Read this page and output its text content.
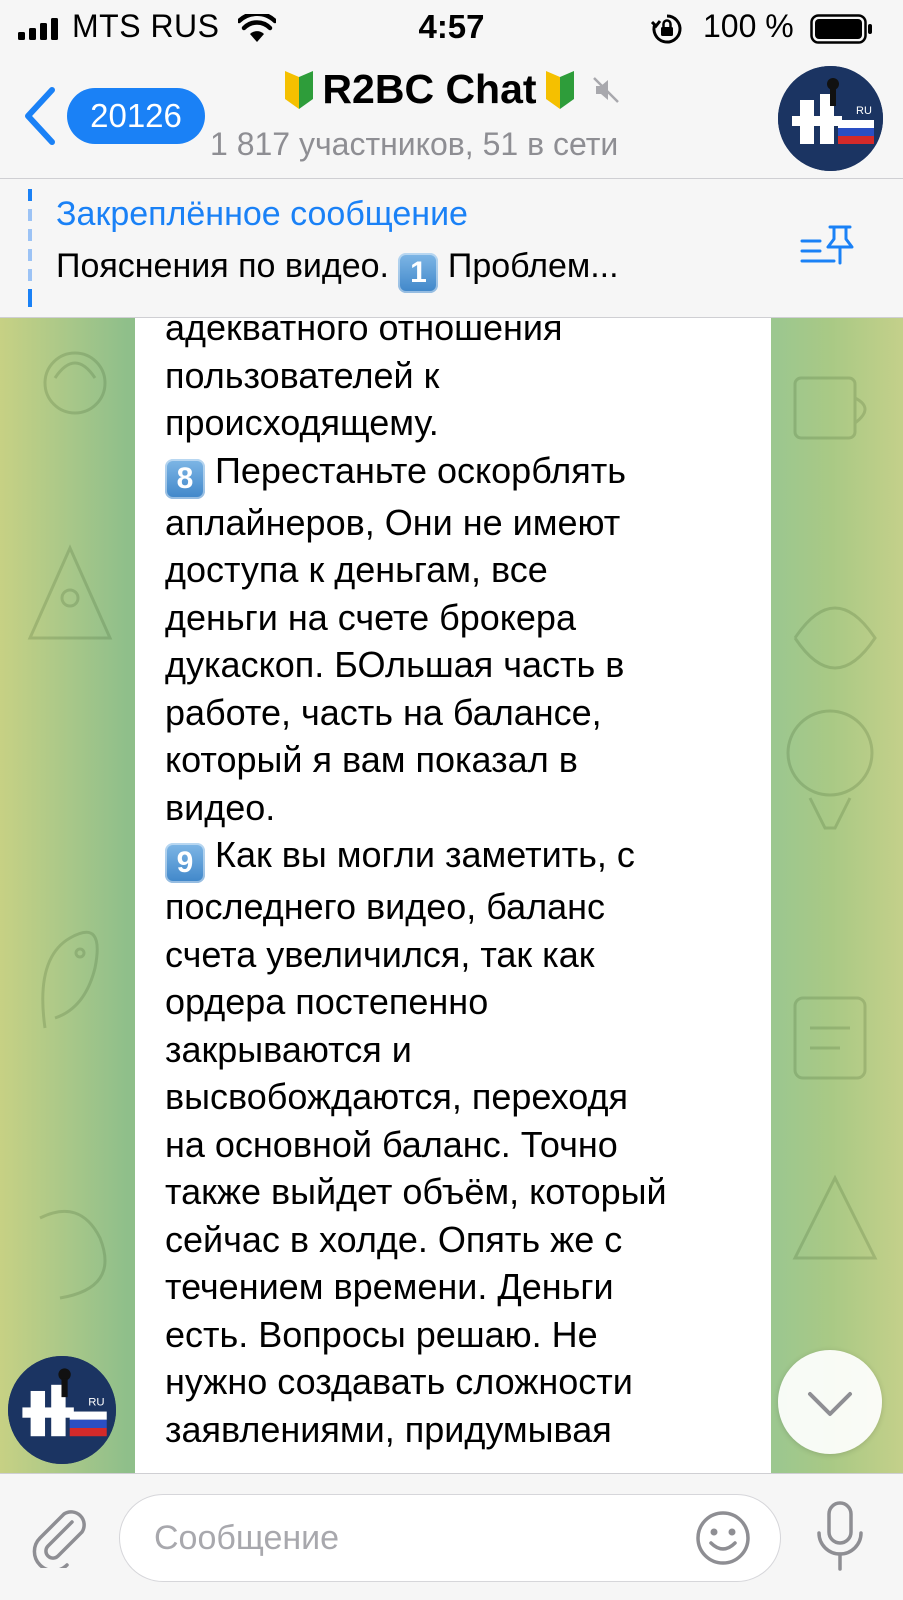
MTS RUS	4:57	100 %
20126
R2BC Chat
1 817 участников, 51 в сети
RU
Закреплённое сообщение
Пояснения по видео. 1 Проблем...

адекватного отношения

пользователей к

происходящему.

8 Перестаньте оскорблять

аплайнеров, Они не имеют

доступа к деньгам, все

деньги на счете брокера

дукаскоп. БОльшая часть в

работе, часть на балансе,

который я вам показал в

видео.

9 Как вы могли заметить, с

последнего видео, баланс

счета увеличился, так как

ордера постепенно

закрываются и

высвобождаются, переходя

на основной баланс. Точно

также выйдет объём, который

сейчас в холде. Опять же с

течением времени. Деньги

есть. Вопросы решаю. Не

нужно создавать сложности

заявлениями, придумывая

RU
Сообщение
